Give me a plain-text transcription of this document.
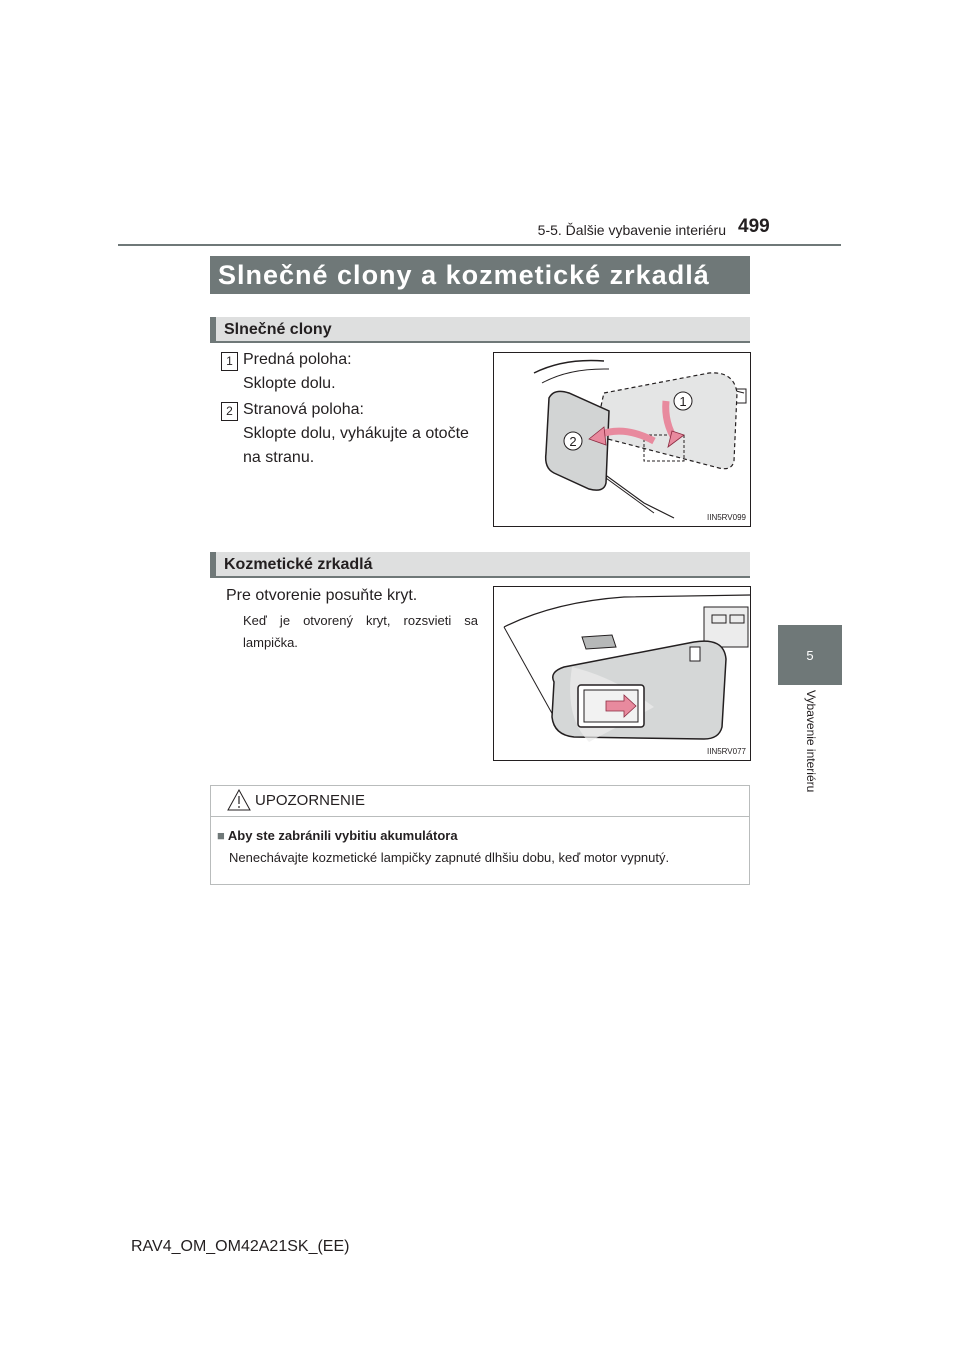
5-5. Ďalšie vybavenie interiéru 499
5
Vybavenie interiéru
Slnečné clony a kozmetické zrkadlá
Slnečné clony
1 Predná poloha:
Sklopte dolu.
2 Stranová poloha:
Sklopte dolu, vyhákujte a otočte
na stranu.
1
2
IIN5RV099
Kozmetické zrkadlá
Pre otvorenie posuňte kryt.
Keď je otvorený kryt, rozsvieti sa
lampička.
IIN5RV077
UPOZORNENIE
■ Aby ste zabránili vybitiu akumulátora
Nenechávajte kozmetické lampičky zapnuté dlhšiu dobu, keď motor vypnutý.
RAV4_OM_OM42A21SK_(EE)
